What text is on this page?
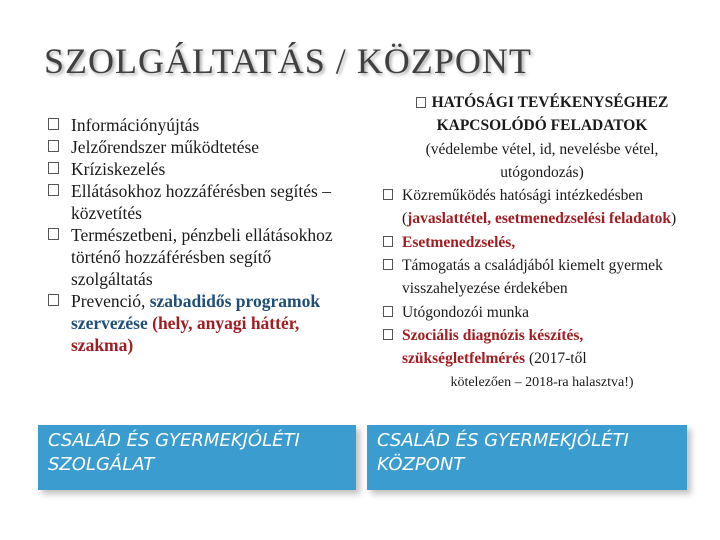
SZOLGÁLTATÁS / KÖZPONT
Információnyújtás
Jelzőrendszer működtetése
Kríziskezelés
Ellátásokhoz hozzáférésben segítés – közvetítés
Természetbeni, pénzbeli ellátásokhoz történő hozzáférésben segítő szolgáltatás
Prevenció, szabadidős programok szervezése (hely, anyagi háttér, szakma)
HATÓSÁGI TEVÉKENYSÉGHEZ KAPCSOLÓDÓ FELADATOK
(védelembe vétel, id, nevelésbe vétel, utógondozás)
Közreműködés hatósági intézkedésben (javaslattétel, esetmenedzselési feladatok)
Esetmenedzselés,
Támogatás a családjából kiemelt gyermek visszahelyezése érdekében
Utógondozói munka
Szociális diagnózis készítés, szükségletfelmérés (2017-től
kötelezően – 2018-ra halasztva!)
CSALÁD ÉS GYERMEKJÓLÉTI SZOLGÁLAT
CSALÁD ÉS GYERMEKJÓLÉTI KÖZPONT
